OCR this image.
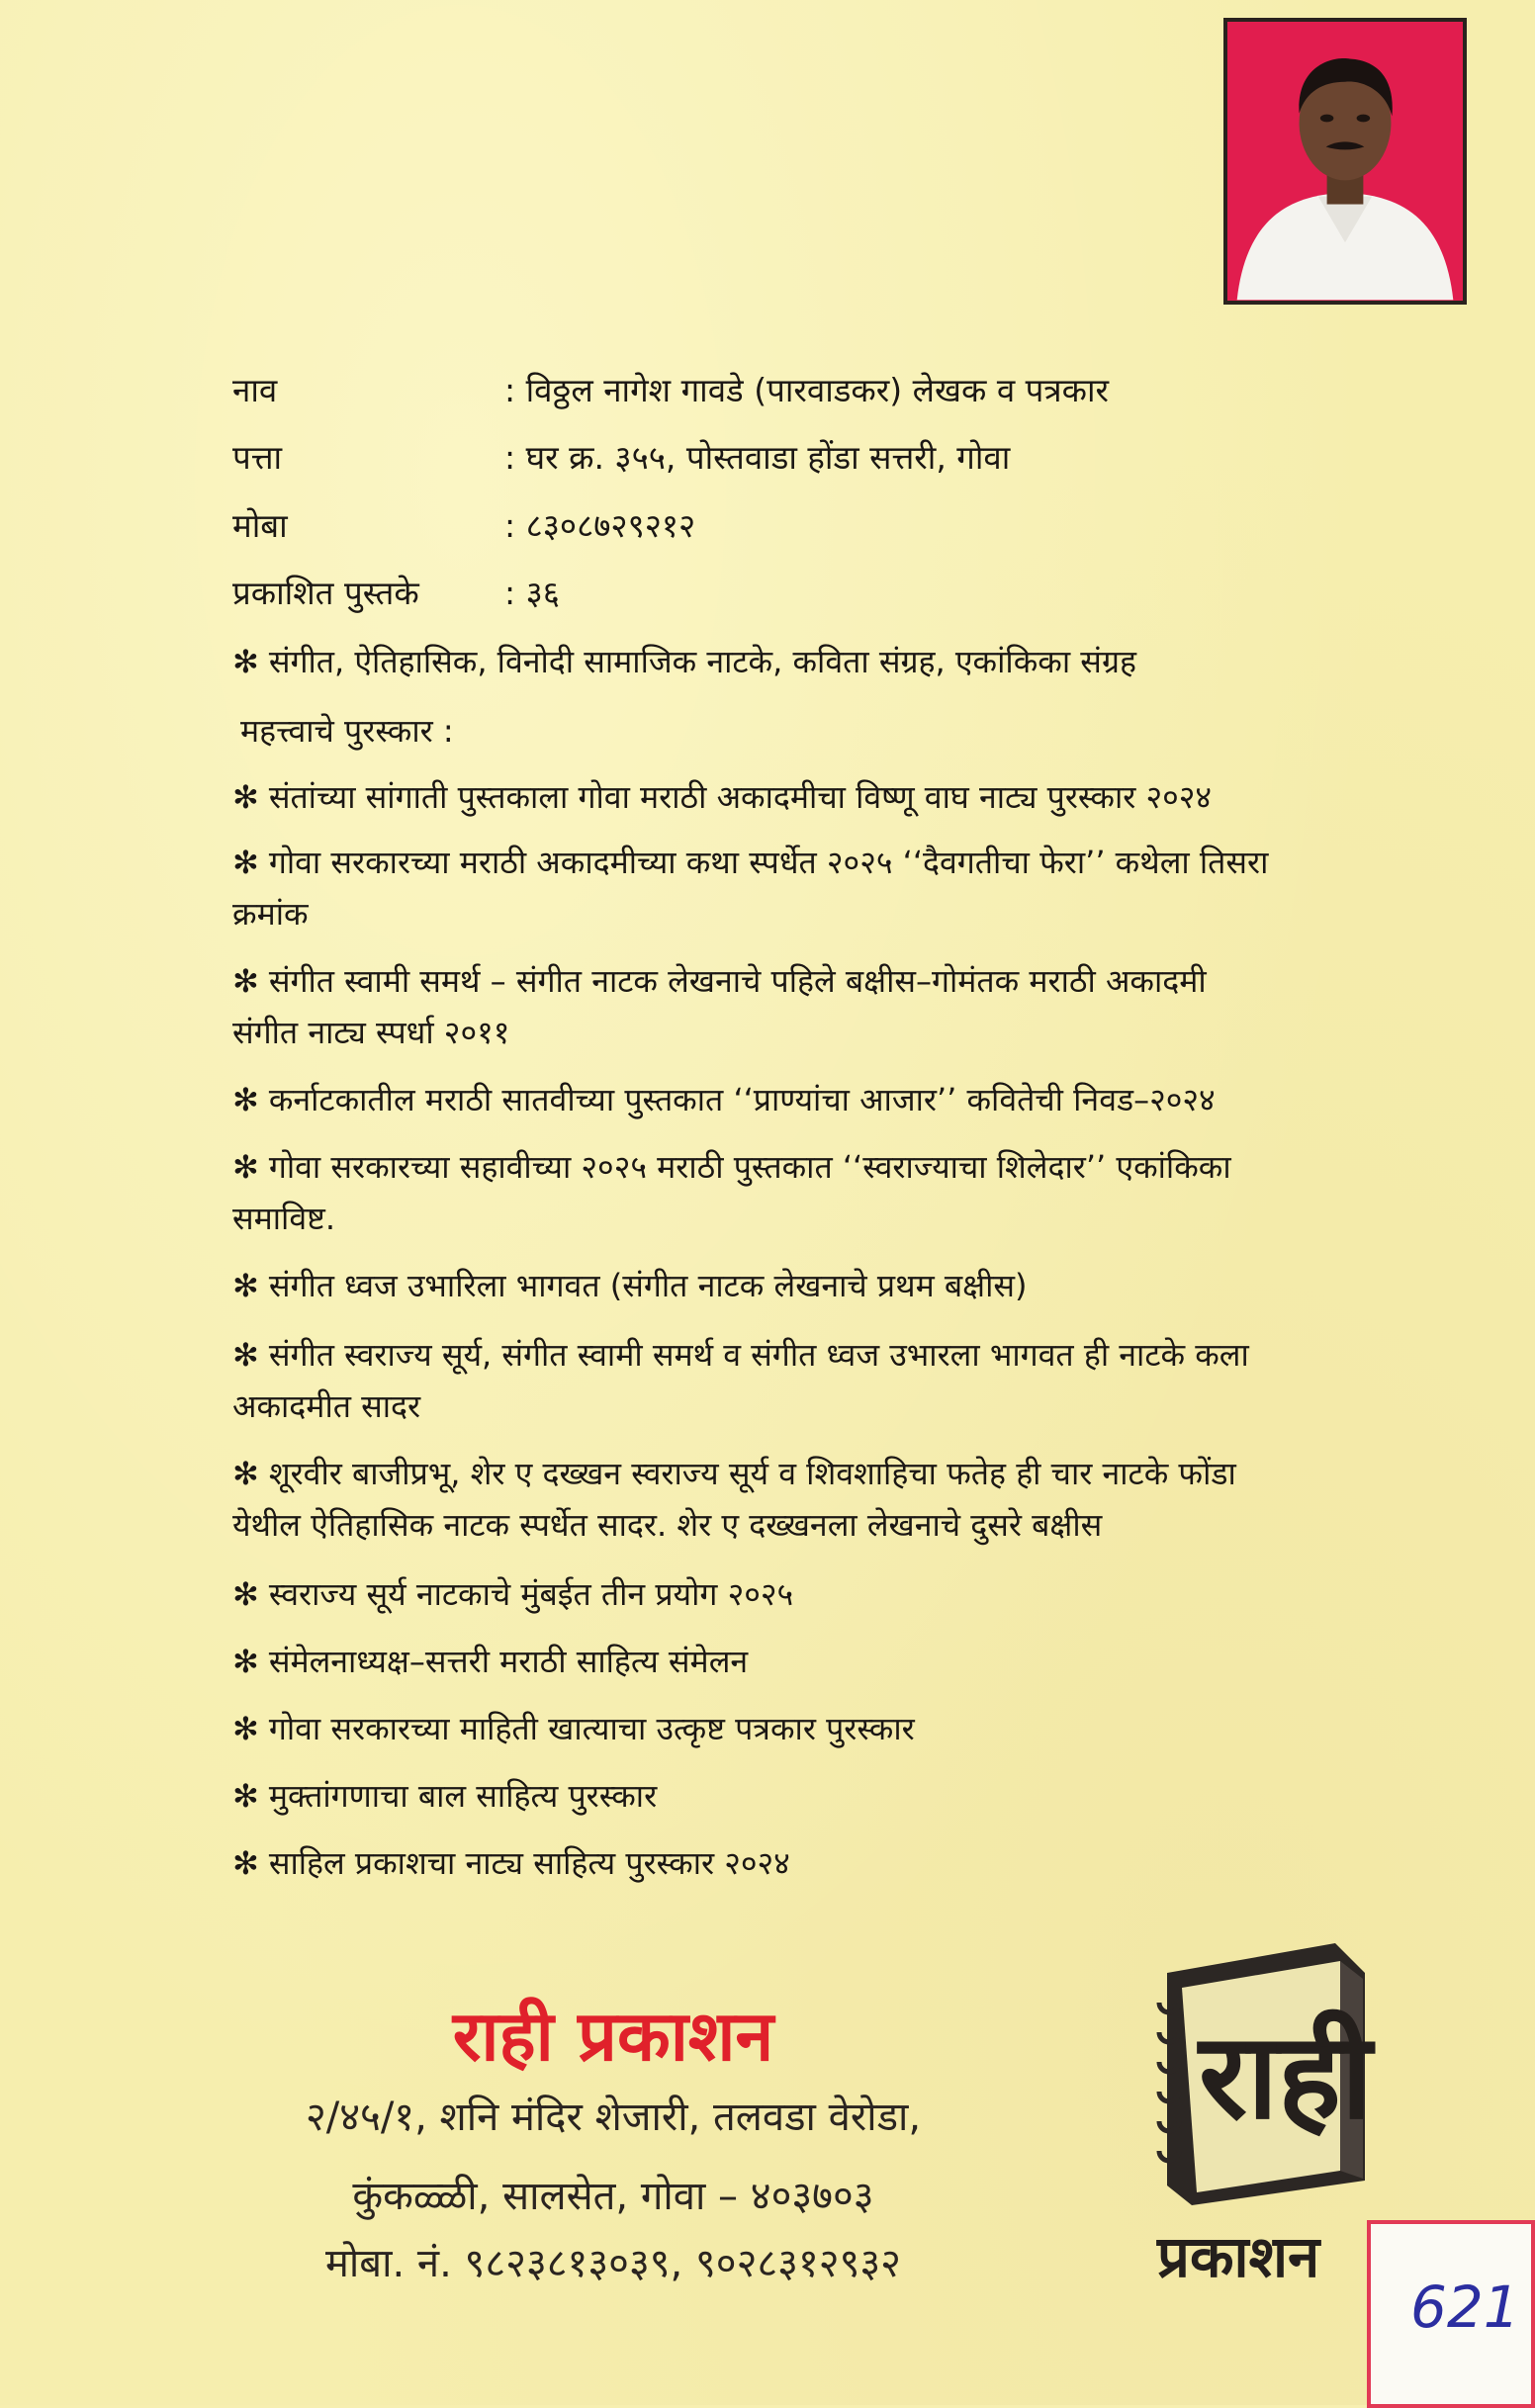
नाव	: विठ्ठल नागेश गावडे (पारवाडकर) लेखक व पत्रकार
पत्ता	: घर क्र. ३५५, पोस्तवाडा होंडा सत्तरी, गोवा
मोबा	: ८३०८७२९२१२
प्रकाशित पुस्तके	: ३६
✻ संगीत, ऐतिहासिक, विनोदी सामाजिक नाटके, कविता संग्रह, एकांकिका संग्रह
महत्त्वाचे पुरस्कार :
✻ संतांच्या सांगाती पुस्तकाला गोवा मराठी अकादमीचा विष्णू वाघ नाट्य पुरस्कार २०२४
✻ गोवा सरकारच्या मराठी अकादमीच्या कथा स्पर्धेत २०२५ ‘‘दैवगतीचा फेरा’’ कथेला तिसरा
क्रमांक
✻ संगीत स्वामी समर्थ – संगीत नाटक लेखनाचे पहिले बक्षीस–गोमंतक मराठी अकादमी
संगीत नाट्य स्पर्धा २०११
✻ कर्नाटकातील मराठी सातवीच्या पुस्तकात ‘‘प्राण्यांचा आजार’’ कवितेची निवड–२०२४
✻ गोवा सरकारच्या सहावीच्या २०२५ मराठी पुस्तकात ‘‘स्वराज्याचा शिलेदार’’ एकांकिका
समाविष्ट.
✻ संगीत ध्वज उभारिला भागवत (संगीत नाटक लेखनाचे प्रथम बक्षीस)
✻ संगीत स्वराज्य सूर्य, संगीत स्वामी समर्थ व संगीत ध्वज उभारला भागवत ही नाटके कला
अकादमीत सादर
✻ शूरवीर बाजीप्रभू, शेर ए दख्खन स्वराज्य सूर्य व शिवशाहिचा फतेह ही चार नाटके फोंडा
येथील ऐतिहासिक नाटक स्पर्धेत सादर. शेर ए दख्खनला लेखनाचे दुसरे बक्षीस
✻ स्वराज्य सूर्य नाटकाचे मुंबईत तीन प्रयोग २०२५
✻ संमेलनाध्यक्ष–सत्तरी मराठी साहित्य संमेलन
✻ गोवा सरकारच्या माहिती खात्याचा उत्कृष्ट पत्रकार पुरस्कार
✻ मुक्तांगणाचा बाल साहित्य पुरस्कार
✻ साहिल प्रकाशचा नाट्य साहित्य पुरस्कार २०२४
राही प्रकाशन
२/४५/१, शनि मंदिर शेजारी, तलवडा वेरोडा,
कुंकळ्ळी, सालसेत, गोवा – ४०३७०३
मोबा. नं. ९८२३८१३०३९, ९०२८३१२९३२
राही
प्रकाशन
621
